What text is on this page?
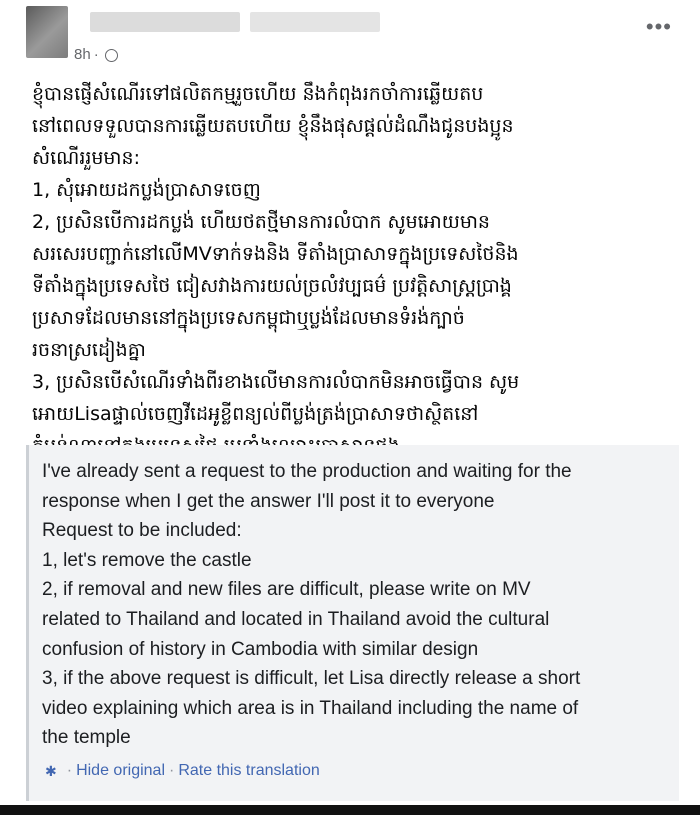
8h ·
•••

ខ្ញុំបានផ្ញើសំណើរទៅផលិតកម្មរួចហើយ នឹងកំពុងរកចាំការឆ្លើយតប

នៅពេលទទួលបានការឆ្លើយតបហើយ ខ្ញុំនឹងផុសផ្តល់ដំណឹងជូនបងប្អូន

សំណើររួមមាន:

1, សុំអោយដកប្លង់ប្រាសាទចេញ

2, ប្រសិនបើការដកប្លង់ ហើយថតថ្មីមានការលំបាក សូមអោយមាន

សរសេរបញ្ជាក់នៅលើMVទាក់ទងនិង ទីតាំងប្រាសាទក្នុងប្រទេសថៃនិង

ទីតាំងក្នុងប្រទេសថៃ ជៀសវាងការយល់ច្រលំវប្បធម៌ ប្រវត្តិសាស្រ្តប្រាង្គ

ប្រសាទដែលមាននៅក្នុងប្រទេសកម្ពុជាឬប្លង់ដែលមានទំរង់ក្បាច់

រចនាស្រដៀងគ្នា

3, ប្រសិនបើសំណើរទាំងពីរខាងលើមានការលំបាកមិនអាចធ្វើបាន សូម

អោយLisaផ្ទាល់ចេញវីដេអូខ្លីពន្យល់ពីប្លង់ត្រង់ប្រាសាទថាស្ថិតនៅ

I've already sent a request to the production and waiting for the

response when I get the answer I'll post it to everyone

Request to be included:

1, let's remove the castle

2, if removal and new files are difficult, please write on MV

related to Thailand and located in Thailand avoid the cultural

confusion of history in Cambodia with similar design

3, if the above request is difficult, let Lisa directly release a short

video explaining which area is in Thailand including the name of

the temple

✱ · Hide original · Rate this translation
